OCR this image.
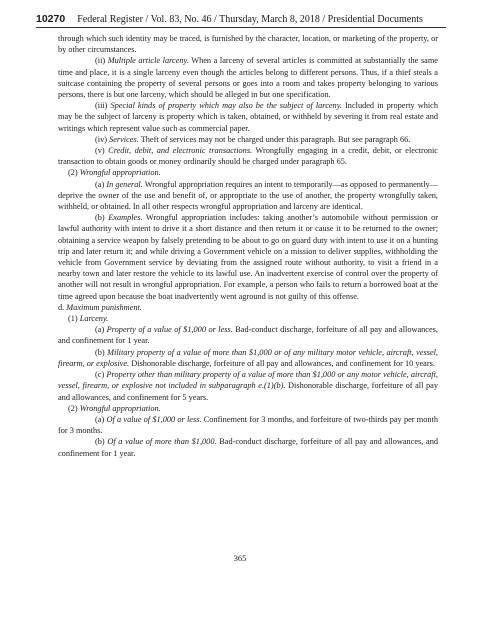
10270 Federal Register / Vol. 83, No. 46 / Thursday, March 8, 2018 / Presidential Documents

through which such identity may be traced, is furnished by the character, location, or marketing of the property, or by other circumstances.

(ii) Multiple article larceny. When a larceny of several articles is committed at substantially the same time and place, it is a single larceny even though the articles belong to different persons. Thus, if a thief steals a suitcase containing the property of several persons or goes into a room and takes property belonging to various persons, there is but one larceny, which should be alleged in but one specification.

(iii) Special kinds of property which may also be the subject of larceny. Included in property which may be the subject of larceny is property which is taken, obtained, or withheld by severing it from real estate and writings which represent value such as commercial paper.

(iv) Services. Theft of services may not be charged under this paragraph. But see paragraph 66.

(v) Credit, debit, and electronic transactions. Wrongfully engaging in a credit, debit, or electronic transaction to obtain goods or money ordinarily should be charged under paragraph 65.

(2) Wrongful appropriation.

(a) In general. Wrongful appropriation requires an intent to temporarily—as opposed to permanently—deprive the owner of the use and benefit of, or appropriate to the use of another, the property wrongfully taken, withheld, or obtained. In all other respects wrongful appropriation and larceny are identical.

(b) Examples. Wrongful appropriation includes: taking another’s automobile without permission or lawful authority with intent to drive it a short distance and then return it or cause it to be returned to the owner; obtaining a service weapon by falsely pretending to be about to go on guard duty with intent to use it on a hunting trip and later return it; and while driving a Government vehicle on a mission to deliver supplies, withholding the vehicle from Government service by deviating from the assigned route without authority, to visit a friend in a nearby town and later restore the vehicle to its lawful use. An inadvertent exercise of control over the property of another will not result in wrongful appropriation. For example, a person who fails to return a borrowed boat at the time agreed upon because the boat inadvertently went aground is not guilty of this offense.

d. Maximum punishment.

(1) Larceny.

(a) Property of a value of $1,000 or less. Bad-conduct discharge, forfeiture of all pay and allowances, and confinement for 1 year.

(b) Military property of a value of more than $1,000 or of any military motor vehicle, aircraft, vessel, firearm, or explosive. Dishonorable discharge, forfeiture of all pay and allowances, and confinement for 10 years.

(c) Property other than military property of a value of more than $1,000 or any motor vehicle, aircraft, vessel, firearm, or explosive not included in subparagraph e.(1)(b). Dishonorable discharge, forfeiture of all pay and allowances, and confinement for 5 years.

(2) Wrongful appropriation.

(a) Of a value of $1,000 or less. Confinement for 3 months, and forfeiture of two-thirds pay per month for 3 months.

(b) Of a value of more than $1,000. Bad-conduct discharge, forfeiture of all pay and allowances, and confinement for 1 year.

365
